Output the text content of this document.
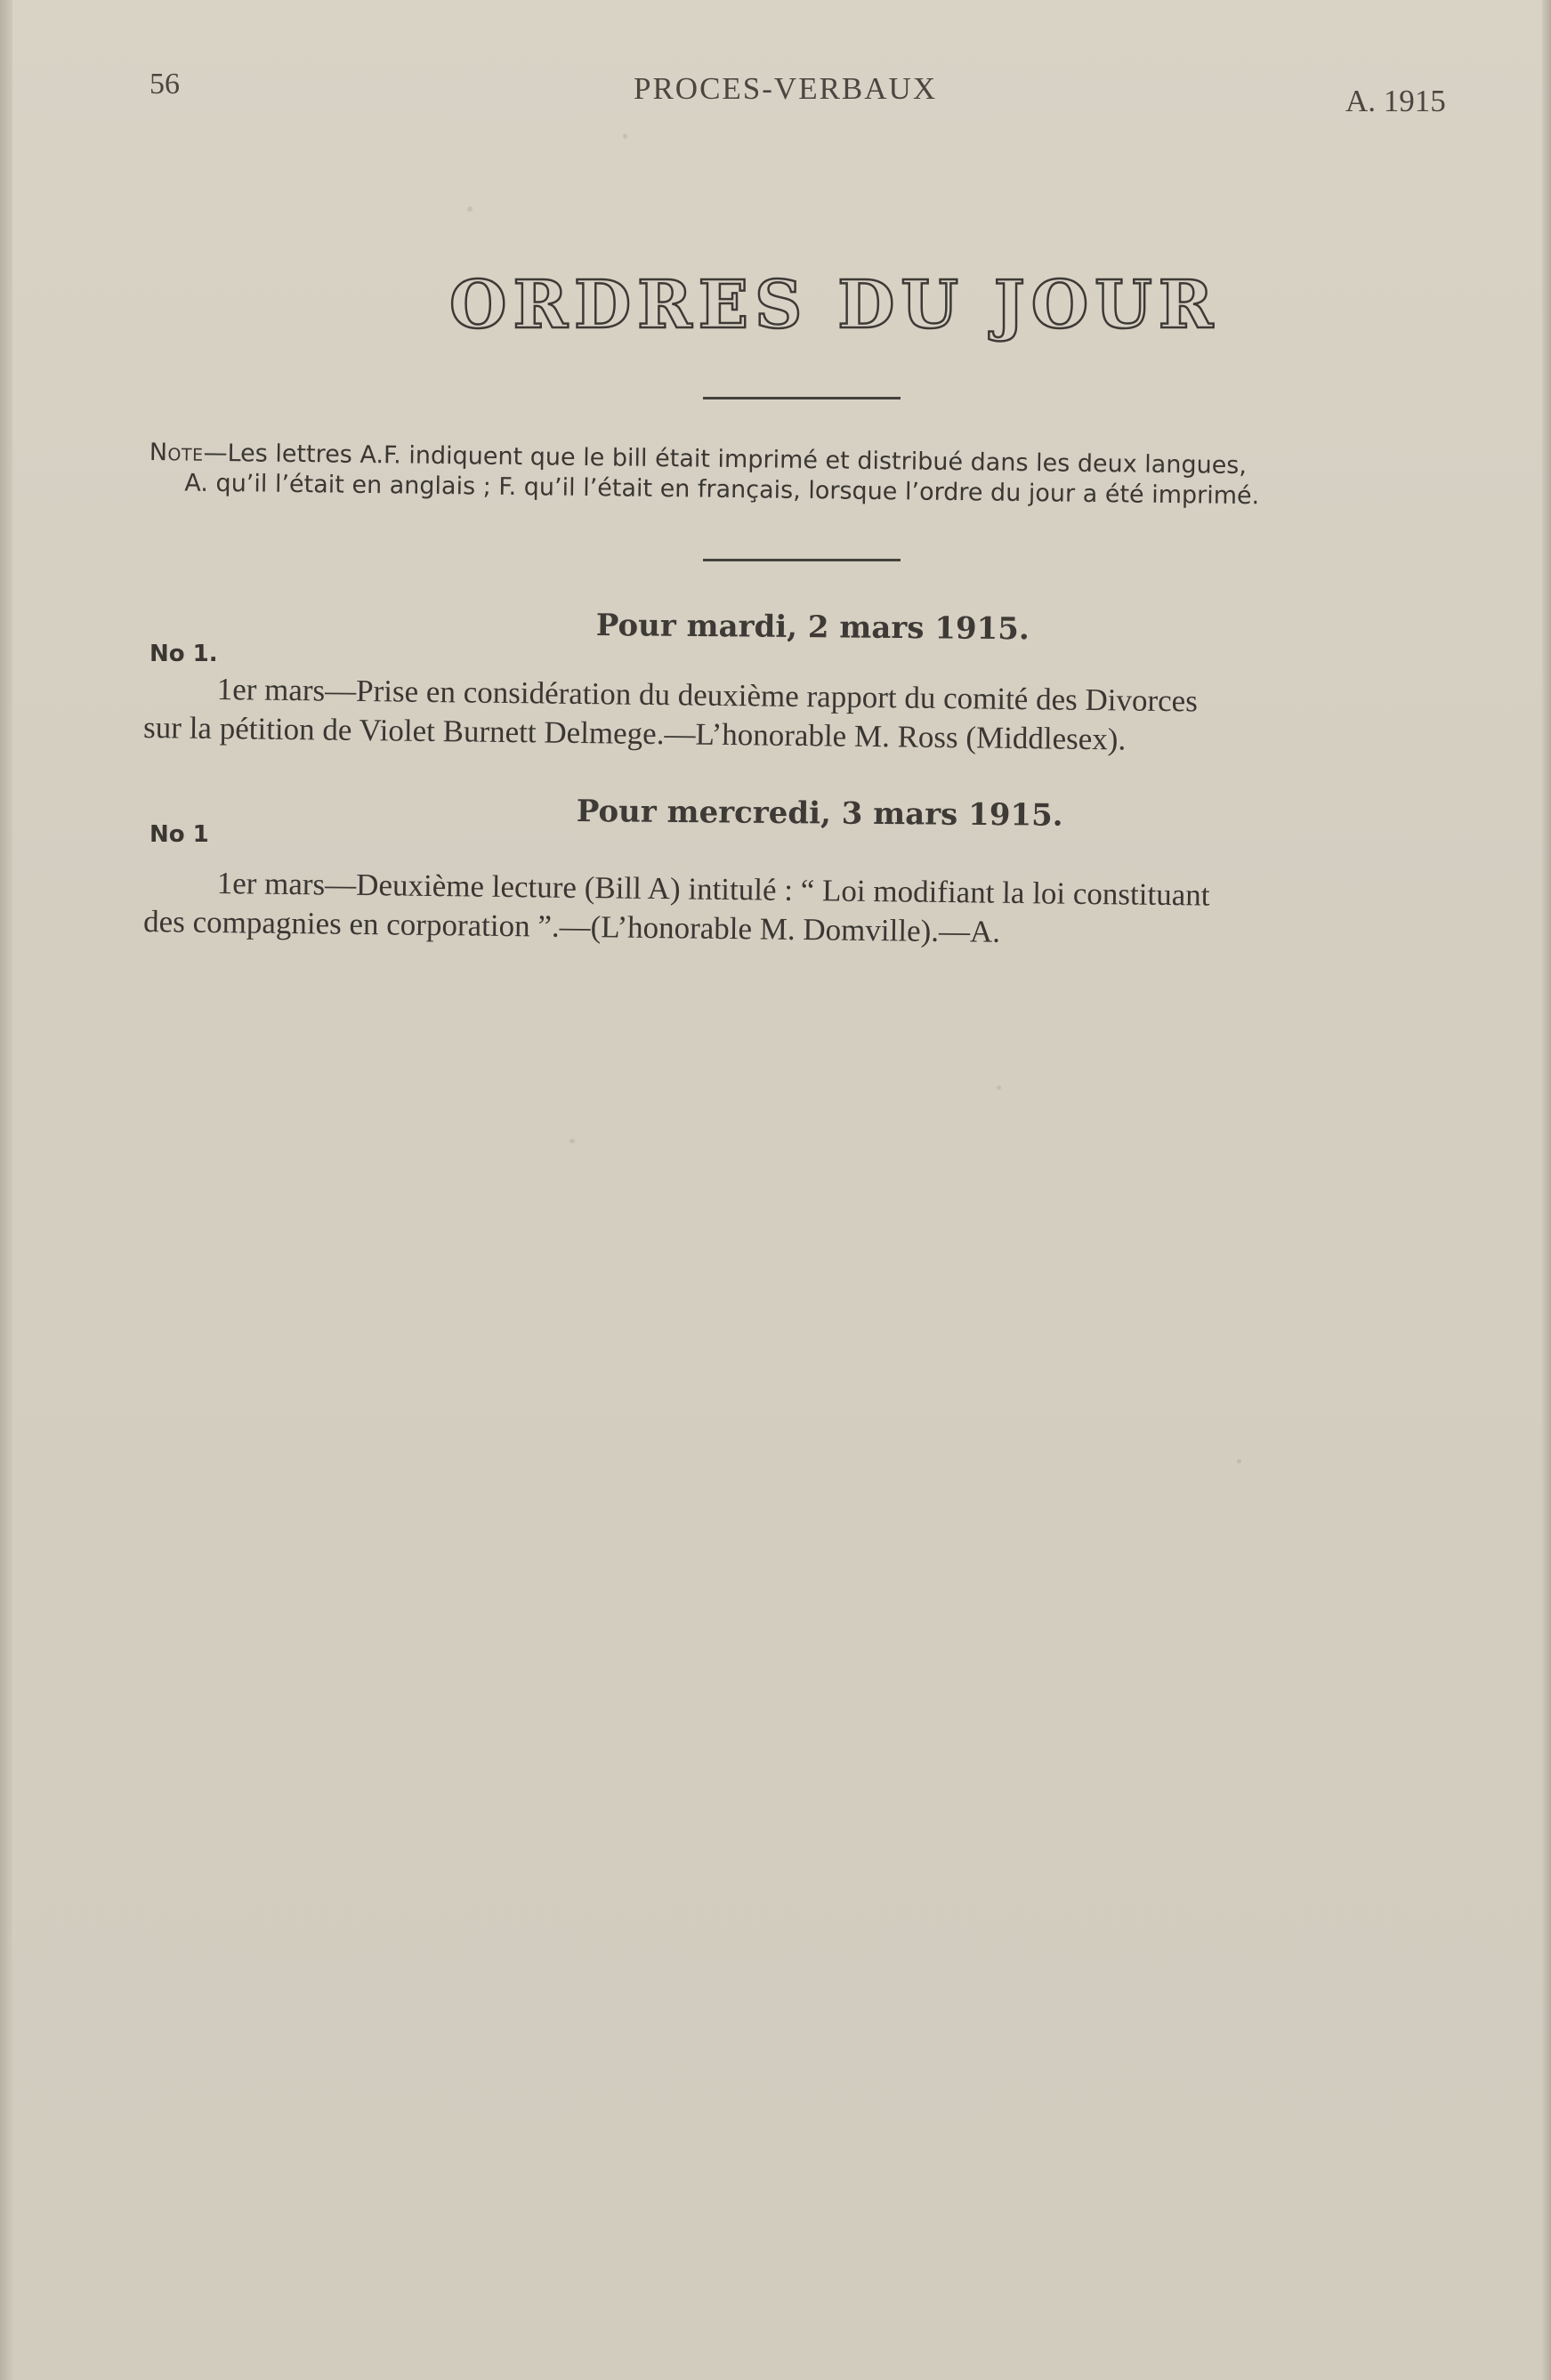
56	PROCES-VERBAUX	A. 1915
ORDRES DU JOUR
Note—Les lettres A.F. indiquent que le bill était imprimé et distribué dans les deux langues,
A. qu’il l’était en anglais ; F. qu’il l’était en français, lorsque l’ordre du jour a été imprimé.
Pour mardi, 2 mars 1915.
No 1.
1er mars—Prise en considération du deuxième rapport du comité des Divorces
sur la pétition de Violet Burnett Delmege.—L’honorable M. Ross (Middlesex).
Pour mercredi, 3 mars 1915.
No 1
1er mars—Deuxième lecture (Bill A) intitulé : “ Loi modifiant la loi constituant
des compagnies en corporation ”.—(L’honorable M. Domville).—A.
